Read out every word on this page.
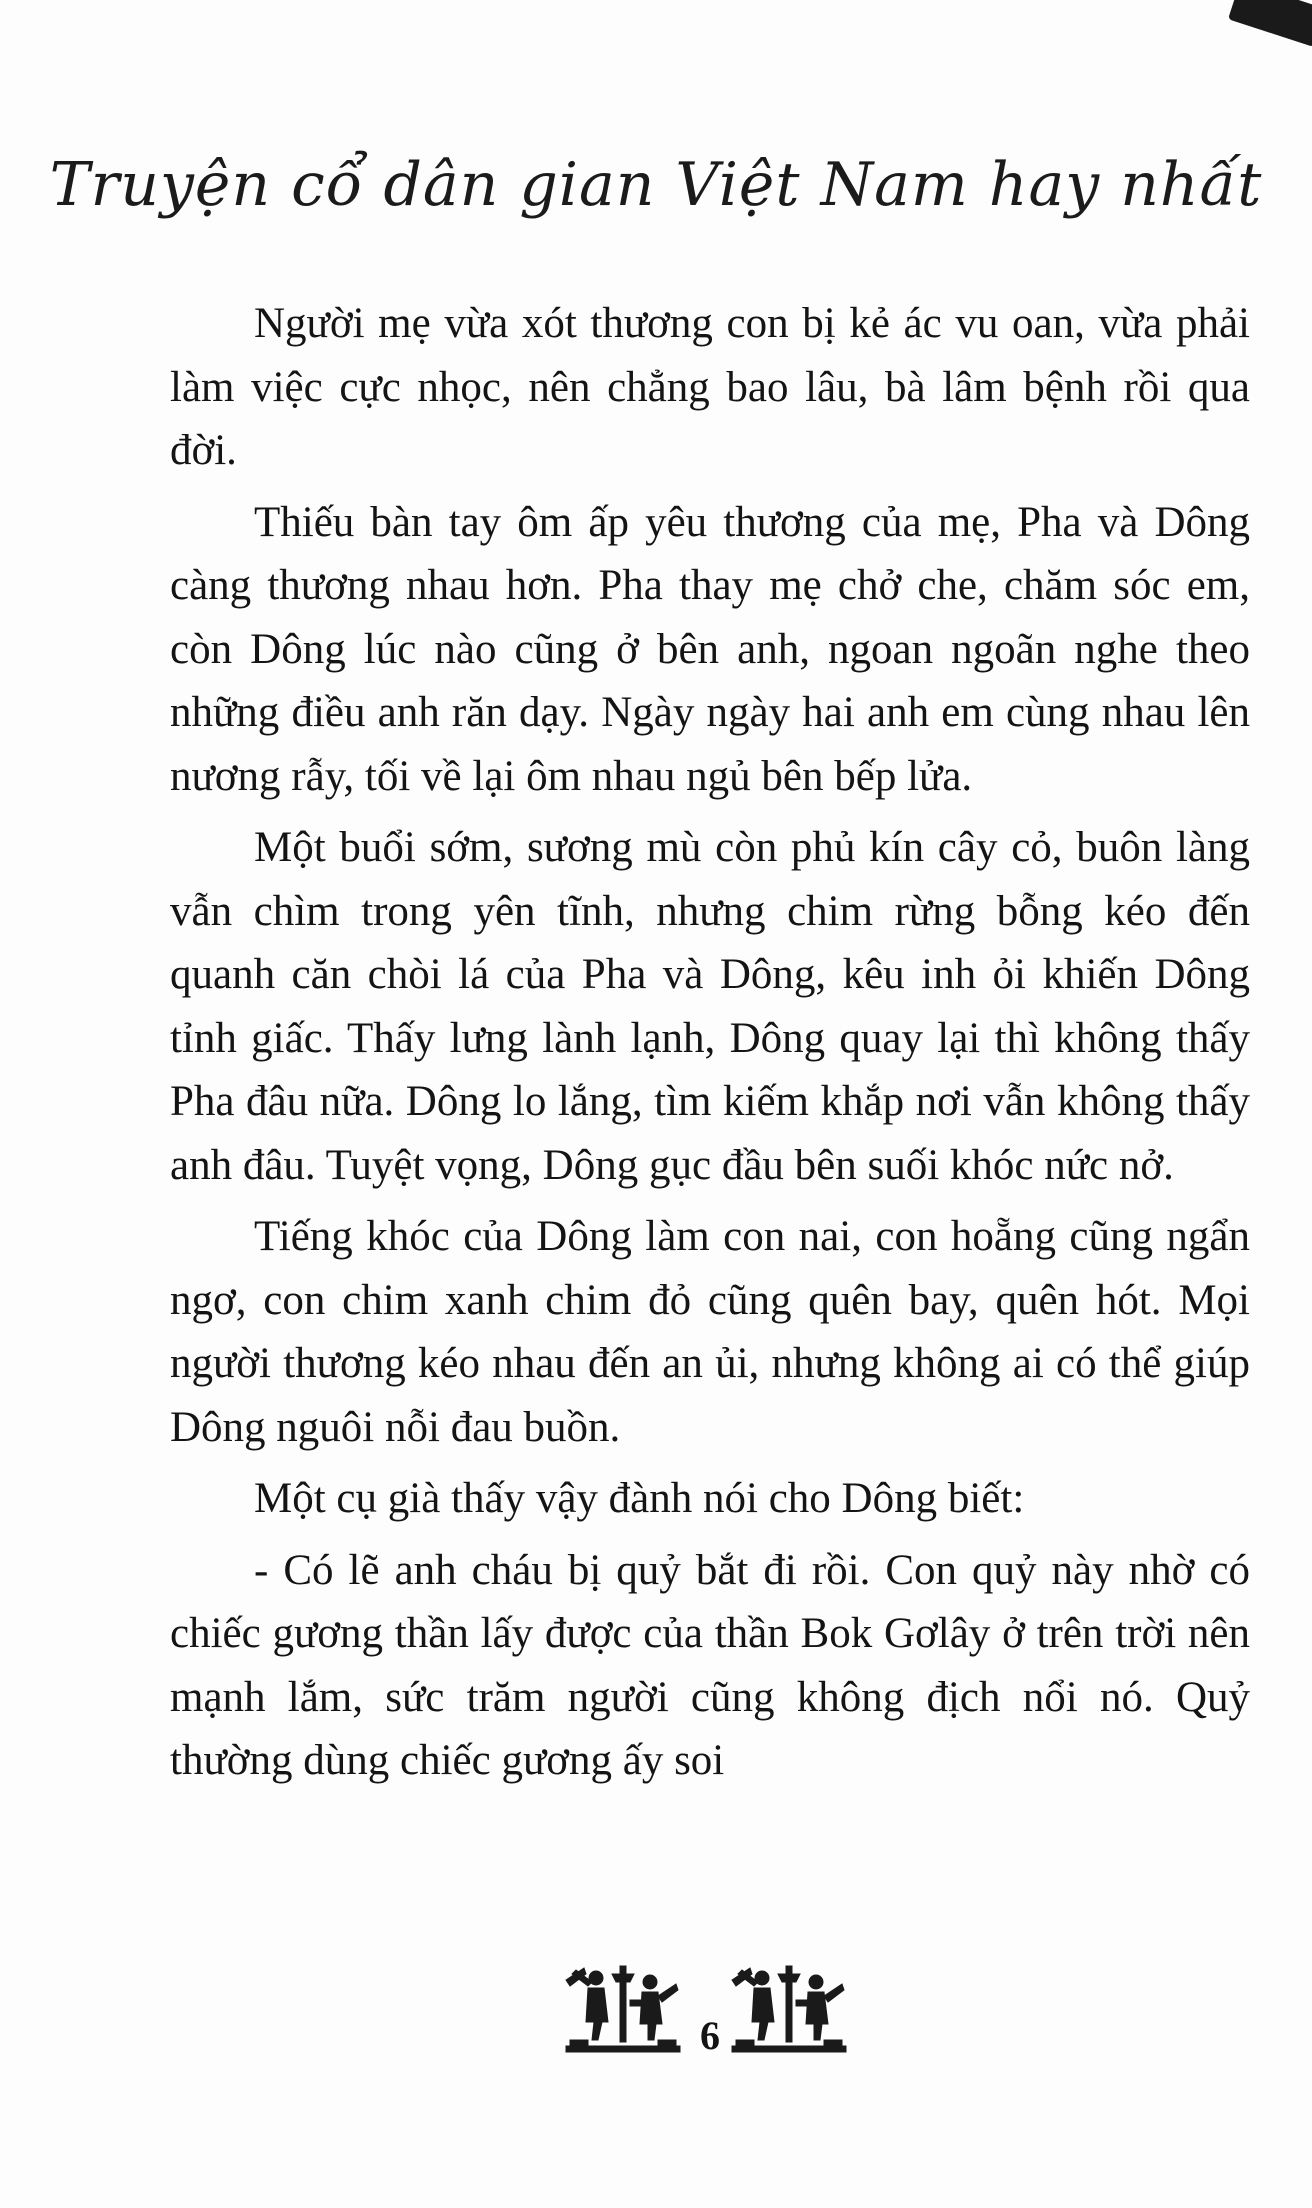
Truyện cổ dân gian Việt Nam hay nhất

Người mẹ vừa xót thương con bị kẻ ác vu oan, vừa phải làm việc cực nhọc, nên chẳng bao lâu, bà lâm bệnh rồi qua đời.

Thiếu bàn tay ôm ấp yêu thương của mẹ, Pha và Dông càng thương nhau hơn. Pha thay mẹ chở che, chăm sóc em, còn Dông lúc nào cũng ở bên anh, ngoan ngoãn nghe theo những điều anh răn dạy. Ngày ngày hai anh em cùng nhau lên nương rẫy, tối về lại ôm nhau ngủ bên bếp lửa.

Một buổi sớm, sương mù còn phủ kín cây cỏ, buôn làng vẫn chìm trong yên tĩnh, nhưng chim rừng bỗng kéo đến quanh căn chòi lá của Pha và Dông, kêu inh ỏi khiến Dông tỉnh giấc. Thấy lưng lành lạnh, Dông quay lại thì không thấy Pha đâu nữa. Dông lo lắng, tìm kiếm khắp nơi vẫn không thấy anh đâu. Tuyệt vọng, Dông gục đầu bên suối khóc nức nở.

Tiếng khóc của Dông làm con nai, con hoẵng cũng ngẩn ngơ, con chim xanh chim đỏ cũng quên bay, quên hót. Mọi người thương kéo nhau đến an ủi, nhưng không ai có thể giúp Dông nguôi nỗi đau buồn.

Một cụ già thấy vậy đành nói cho Dông biết:

- Có lẽ anh cháu bị quỷ bắt đi rồi. Con quỷ này nhờ có chiếc gương thần lấy được của thần Bok Gơlây ở trên trời nên mạnh lắm, sức trăm người cũng không địch nổi nó. Quỷ thường dùng chiếc gương ấy soi

6
